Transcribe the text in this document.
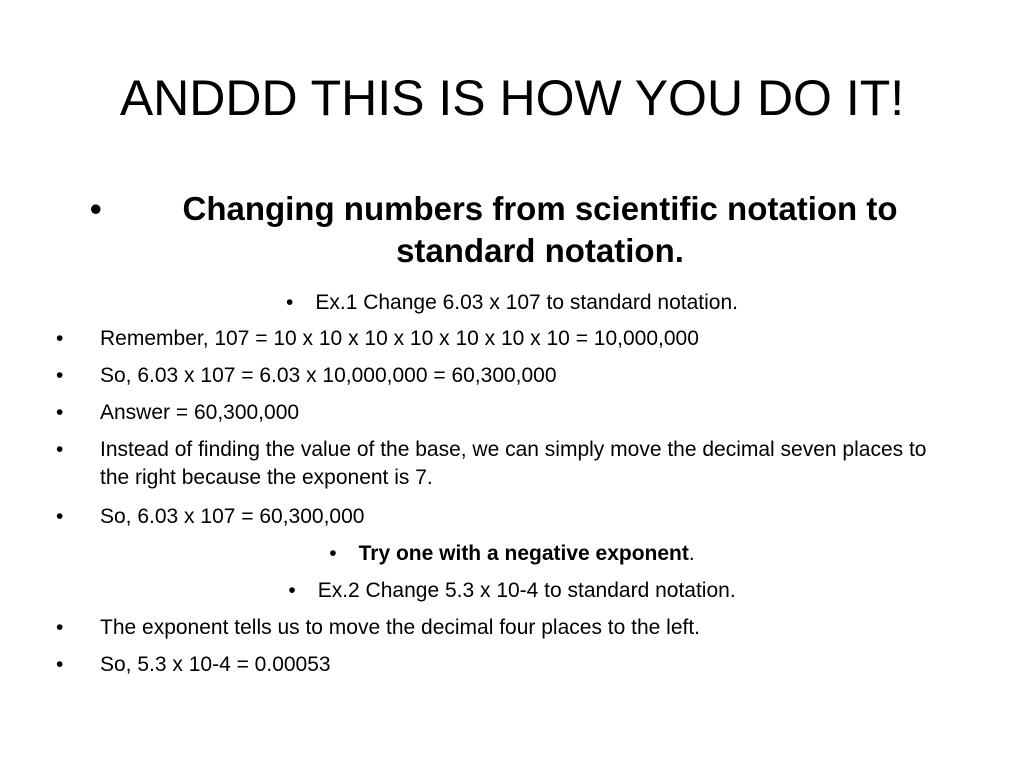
ANDDD THIS IS HOW YOU DO IT!
•	Changing numbers from scientific notation to standard notation.
• Ex.1 Change 6.03 x 107 to standard notation.
•	Remember, 107 = 10 x 10 x 10 x 10 x 10 x 10 x 10 = 10,000,000
•	So, 6.03 x 107 = 6.03 x 10,000,000 = 60,300,000
•	Answer = 60,300,000
•	Instead of finding the value of the base, we can simply move the decimal seven places to the right because the exponent is 7.
•	So, 6.03 x 107 = 60,300,000
• Try one with a negative exponent.
• Ex.2 Change 5.3 x 10-4 to standard notation.
•	The exponent tells us to move the decimal four places to the left.
•	So, 5.3 x 10-4 = 0.00053
